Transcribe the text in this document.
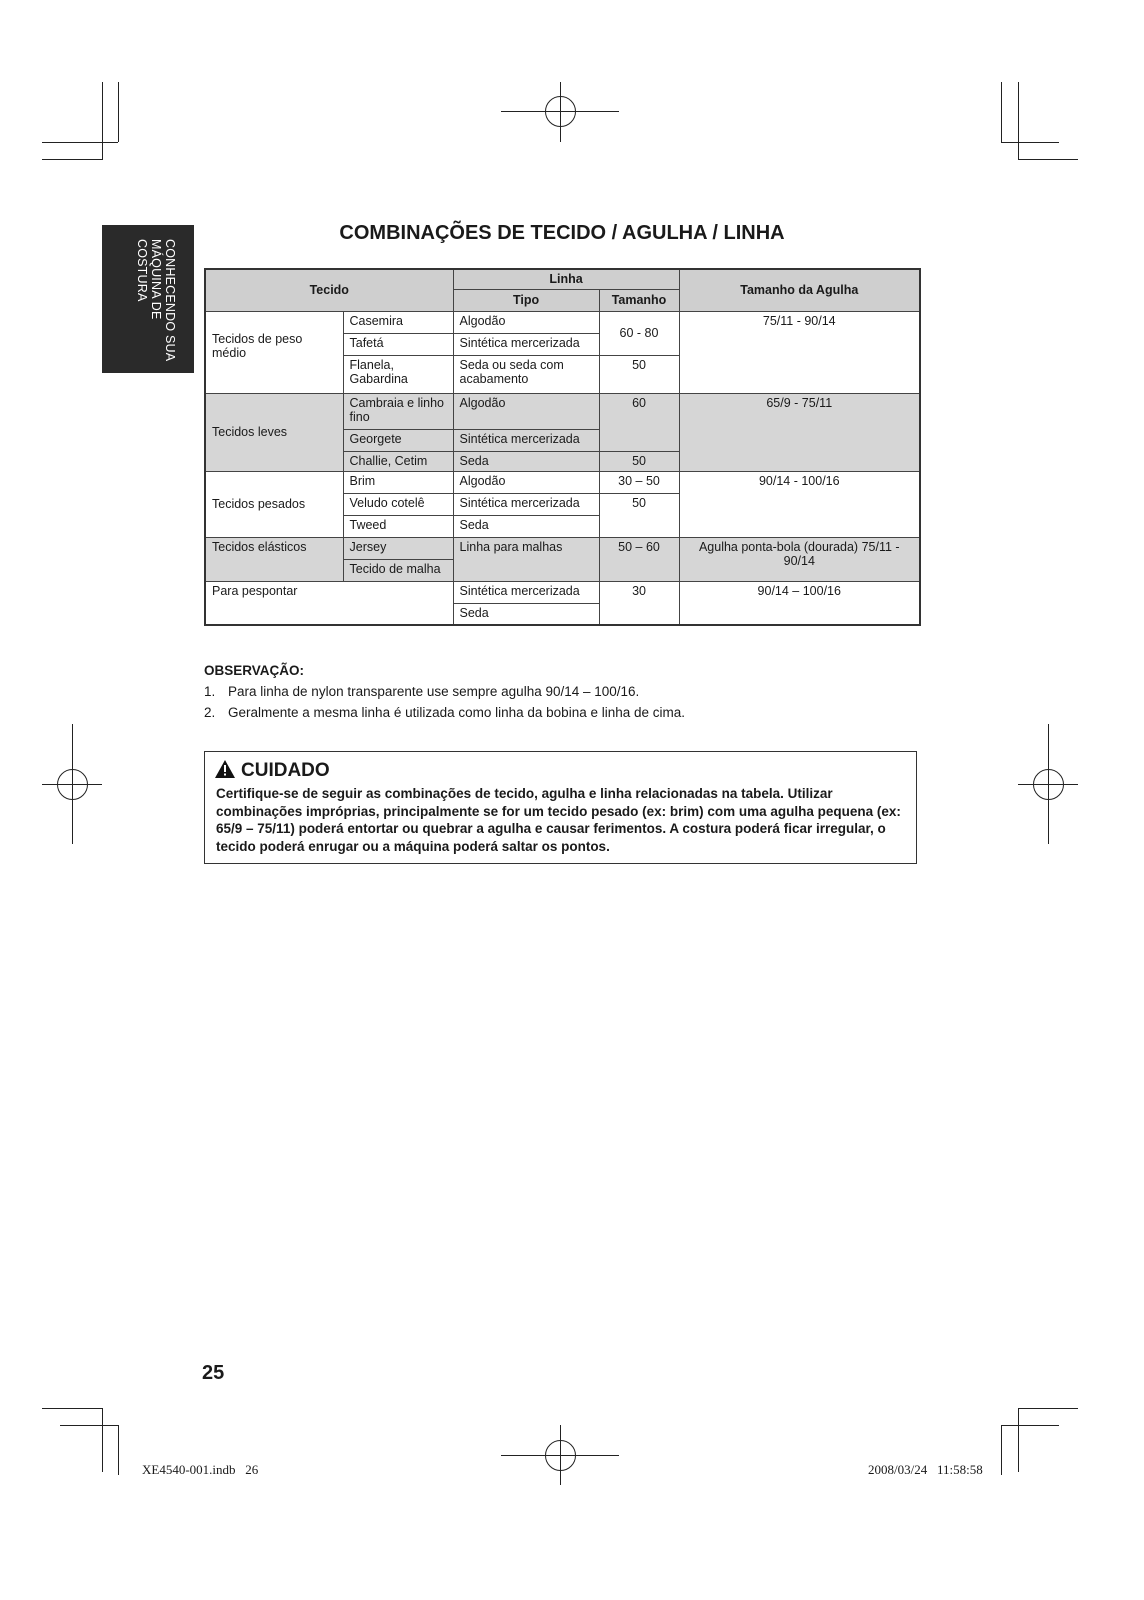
CONHECENDO SUA
MÁQUINA DE
COSTURA
COMBINAÇÕES DE TECIDO / AGULHA / LINHA
Tecido		Linha		Tamanho da Agulha
		Tipo	Tamanho	
Tecidos de peso médio	Casemira	Algodão	60 - 80	75/11 - 90/14
	Tafetá	Sintética mercerizada		
	Flanela, Gabardina	Seda ou seda com acabamento	50	
Tecidos leves	Cambraia e linho fino	Algodão	60	65/9 - 75/11
	Georgete	Sintética mercerizada		
	Challie, Cetim	Seda	50	
Tecidos pesados	Brim	Algodão	30 – 50	90/14 - 100/16
	Veludo cotelê	Sintética mercerizada	50	
	Tweed	Seda		
Tecidos elásticos	Jersey	Linha para malhas	50 – 60	Agulha ponta-bola (dourada) 75/11 - 90/14
	Tecido de malha			
Para pespontar		Sintética mercerizada	30	90/14 – 100/16
		Seda		
OBSERVAÇÃO:
1. Para linha de nylon transparente use sempre agulha 90/14 – 100/16.
2. Geralmente a mesma linha é utilizada como linha da bobina e linha de cima.
CUIDADO
Certifique-se de seguir as combinações de tecido, agulha e linha relacionadas na tabela. Utilizar combinações impróprias, principalmente se for um tecido pesado (ex: brim) com uma agulha pequena (ex: 65/9 – 75/11) poderá entortar ou quebrar a agulha e causar ferimentos. A costura poderá ficar irregular, o tecido poderá enrugar ou a máquina poderá saltar os pontos.
25
XE4540-001.indb   26	2008/03/24   11:58:58
